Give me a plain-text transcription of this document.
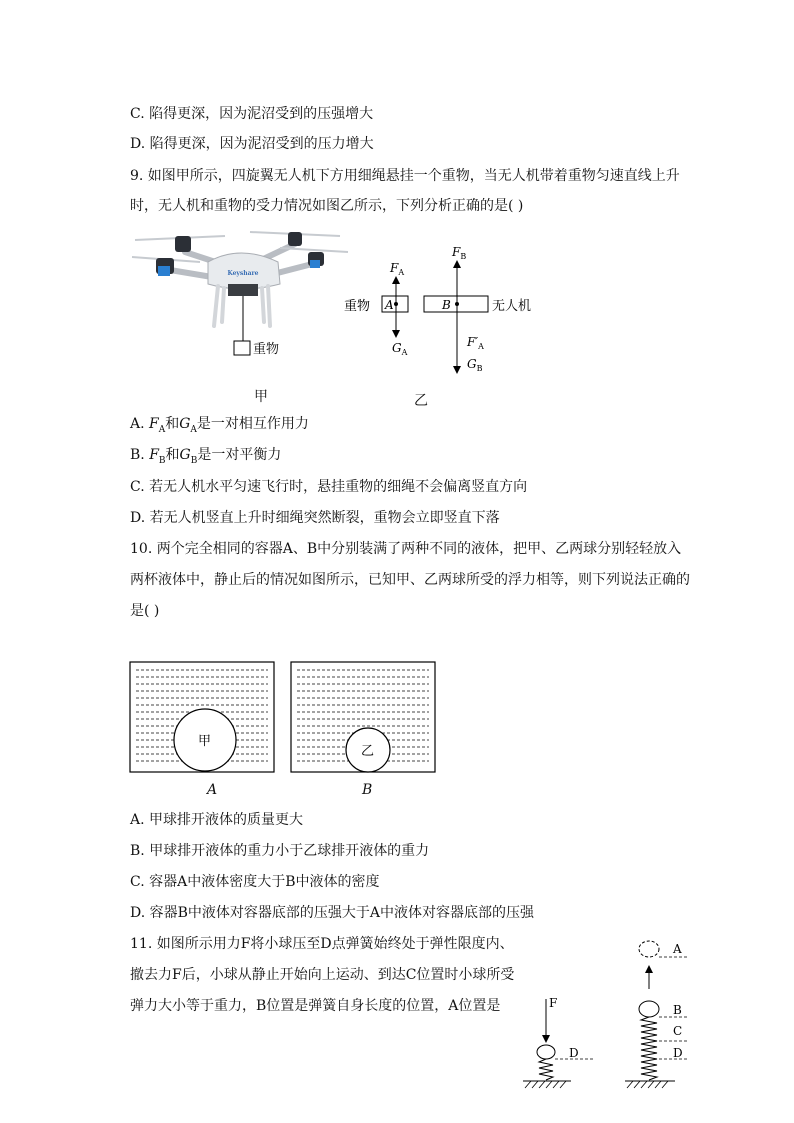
C. 陷得更深，因为泥沼受到的压强增大
D. 陷得更深，因为泥沼受到的压力增大
9. 如图甲所示，四旋翼无人机下方用细绳悬挂一个重物，当无人机带着重物匀速直线上升
时，无人机和重物的受力情况如图乙所示，下列分析正确的是( )
Keyshare
重物
甲
重物 A
$F_A$
$G_A$
B	无人机
$F_B$
$F'_A$
$G_B$
乙
A. $F_A$和$G_A$是一对相互作用力
B. $F_B$和$G_B$是一对平衡力
C. 若无人机水平匀速飞行时，悬挂重物的细绳不会偏离竖直方向
D. 若无人机竖直上升时细绳突然断裂，重物会立即竖直下落
10. 两个完全相同的容器A、B中分别装满了两种不同的液体，把甲、乙两球分别轻轻放入
两杯液体中，静止后的情况如图所示，已知甲、乙两球所受的浮力相等，则下列说法正确的
是( )
甲
乙
A	B
A. 甲球排开液体的质量更大
B. 甲球排开液体的重力小于乙球排开液体的重力
C. 容器A中液体密度大于B中液体的密度
D. 容器B中液体对容器底部的压强大于A中液体对容器底部的压强
11. 如图所示用力F将小球压至D点弹簧始终处于弹性限度内、
撤去力F后，小球从静止开始向上运动、到达C位置时小球所受
弹力大小等于重力，B位置是弹簧自身长度的位置，A位置是	F
D
A
B
C
D
